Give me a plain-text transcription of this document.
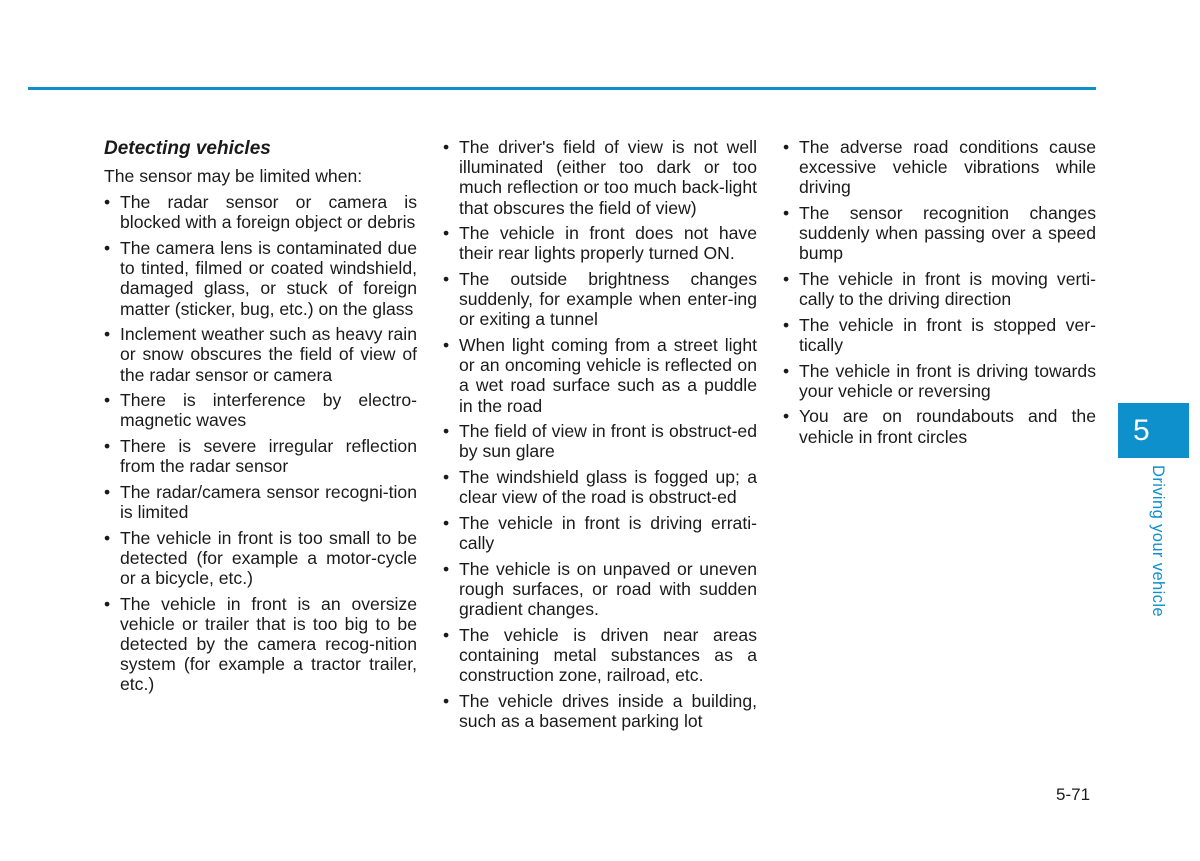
Detecting vehicles
The sensor may be limited when:
• The radar sensor or camera is blocked with a foreign object or debris
• The camera lens is contaminated due to tinted, filmed or coated windshield, damaged glass, or stuck of foreign matter (sticker, bug, etc.) on the glass
• Inclement weather such as heavy rain or snow obscures the field of view of the radar sensor or camera
• There is interference by electro-magnetic waves
• There is severe irregular reflection from the radar sensor
• The radar/camera sensor recogni-tion is limited
• The vehicle in front is too small to be detected (for example a motor-cycle or a bicycle, etc.)
• The vehicle in front is an oversize vehicle or trailer that is too big to be detected by the camera recog-nition system (for example a tractor trailer, etc.)
• The driver's field of view is not well illuminated (either too dark or too much reflection or too much back-light that obscures the field of view)
• The vehicle in front does not have their rear lights properly turned ON.
• The outside brightness changes suddenly, for example when enter-ing or exiting a tunnel
• When light coming from a street light or an oncoming vehicle is reflected on a wet road surface such as a puddle in the road
• The field of view in front is obstruct-ed by sun glare
• The windshield glass is fogged up; a clear view of the road is obstruct-ed
• The vehicle in front is driving errati-cally
• The vehicle is on unpaved or uneven rough surfaces, or road with sudden gradient changes.
• The vehicle is driven near areas containing metal substances as a construction zone, railroad, etc.
• The vehicle drives inside a building, such as a basement parking lot
• The adverse road conditions cause excessive vehicle vibrations while driving
• The sensor recognition changes suddenly when passing over a speed bump
• The vehicle in front is moving verti-cally to the driving direction
• The vehicle in front is stopped ver-tically
• The vehicle in front is driving towards your vehicle or reversing
• You are on roundabouts and the vehicle in front circles	5
Driving your vehicle
5-71
